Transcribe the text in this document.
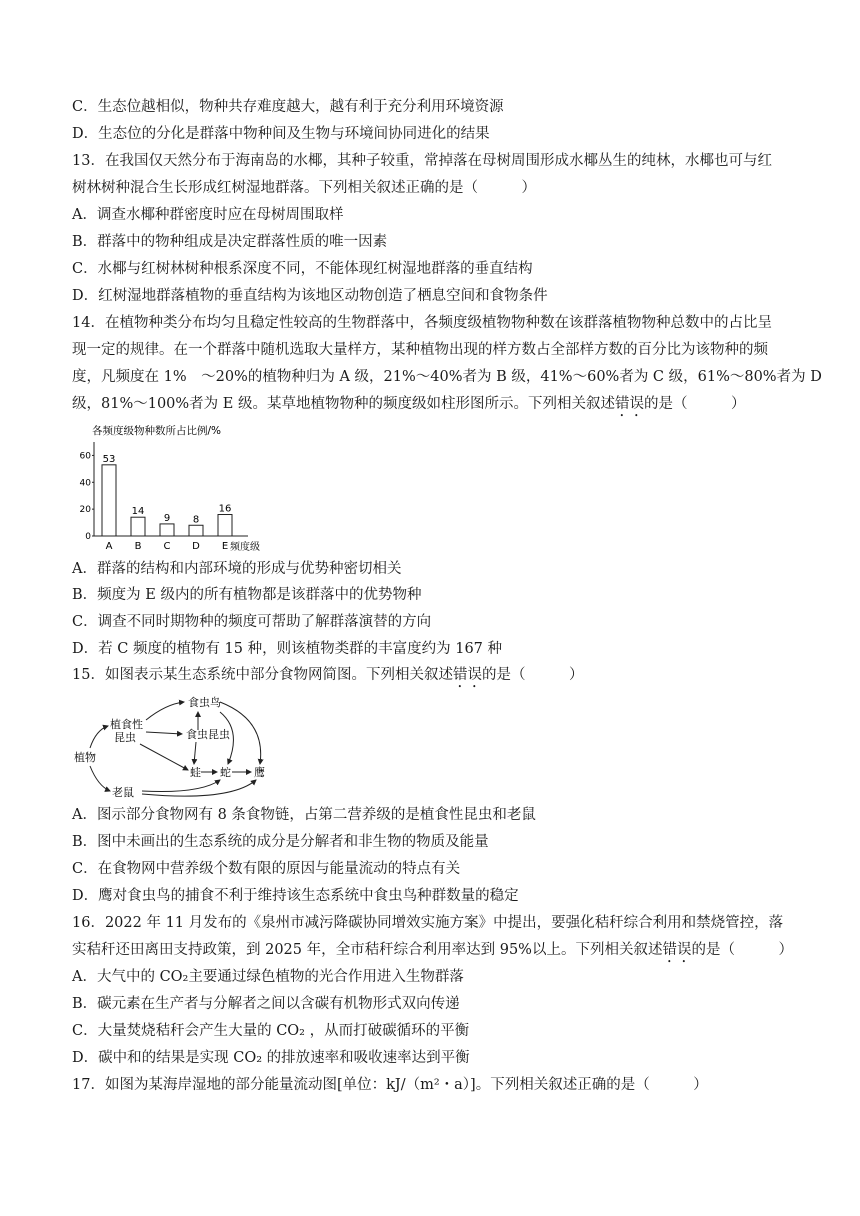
C．生态位越相似，物种共存难度越大，越有利于充分利用环境资源
D．生态位的分化是群落中物种间及生物与环境间协同进化的结果
13．在我国仅天然分布于海南岛的水椰，其种子较重，常掉落在母树周围形成水椰丛生的纯林，水椰也可与红
树林树种混合生长形成红树湿地群落。下列相关叙述正确的是（　　　）
A．调查水椰种群密度时应在母树周围取样
B．群落中的物种组成是决定群落性质的唯一因素
C．水椰与红树林树种根系深度不同，不能体现红树湿地群落的垂直结构
D．红树湿地群落植物的垂直结构为该地区动物创造了栖息空间和食物条件
14．在植物种类分布均匀且稳定性较高的生物群落中，各频度级植物物种数在该群落植物物种总数中的占比呈
现一定的规律。在一个群落中随机选取大量样方，某种植物出现的样方数占全部样方数的百分比为该物种的频
度，凡频度在 1%　～20%的植物种归为 A 级，21%～40%者为 B 级，41%～60%者为 C 级，61%～80%者为 D
级，81%～100%者为 E 级。某草地植物物种的频度级如柱形图所示。下列相关叙述错误的是（　　　）
各频度级物种数所占比例/%
60
40
20
0
53
A
14
B
9
C
8
D
16
E 频度级
A．群落的结构和内部环境的形成与优势种密切相关
B．频度为 E 级内的所有植物都是该群落中的优势物种
C．调查不同时期物种的频度可帮助了解群落演替的方向
D．若 C 频度的植物有 15 种，则该植物类群的丰富度约为 167 种
15．如图表示某生态系统中部分食物网简图。下列相关叙述错误的是（　　　）
植食性
昆虫
食虫鸟
食虫昆虫
植物
蛙 蛇 鹰
老鼠
A．图示部分食物网有 8 条食物链，占第二营养级的是植食性昆虫和老鼠
B．图中未画出的生态系统的成分是分解者和非生物的物质及能量
C．在食物网中营养级个数有限的原因与能量流动的特点有关
D．鹰对食虫鸟的捕食不利于维持该生态系统中食虫鸟种群数量的稳定
16．2022 年 11 月发布的《泉州市减污降碳协同增效实施方案》中提出，要强化秸秆综合利用和禁烧管控，落
实秸秆还田离田支持政策，到 2025 年，全市秸秆综合利用率达到 95%以上。下列相关叙述错误的是（　　　）
A．大气中的 CO₂主要通过绿色植物的光合作用进入生物群落
B．碳元素在生产者与分解者之间以含碳有机物形式双向传递
C．大量焚烧秸秆会产生大量的 CO₂ ，从而打破碳循环的平衡
D．碳中和的结果是实现 CO₂ 的排放速率和吸收速率达到平衡
17．如图为某海岸湿地的部分能量流动图[单位：kJ/（m²・a）]。下列相关叙述正确的是（　　　）
